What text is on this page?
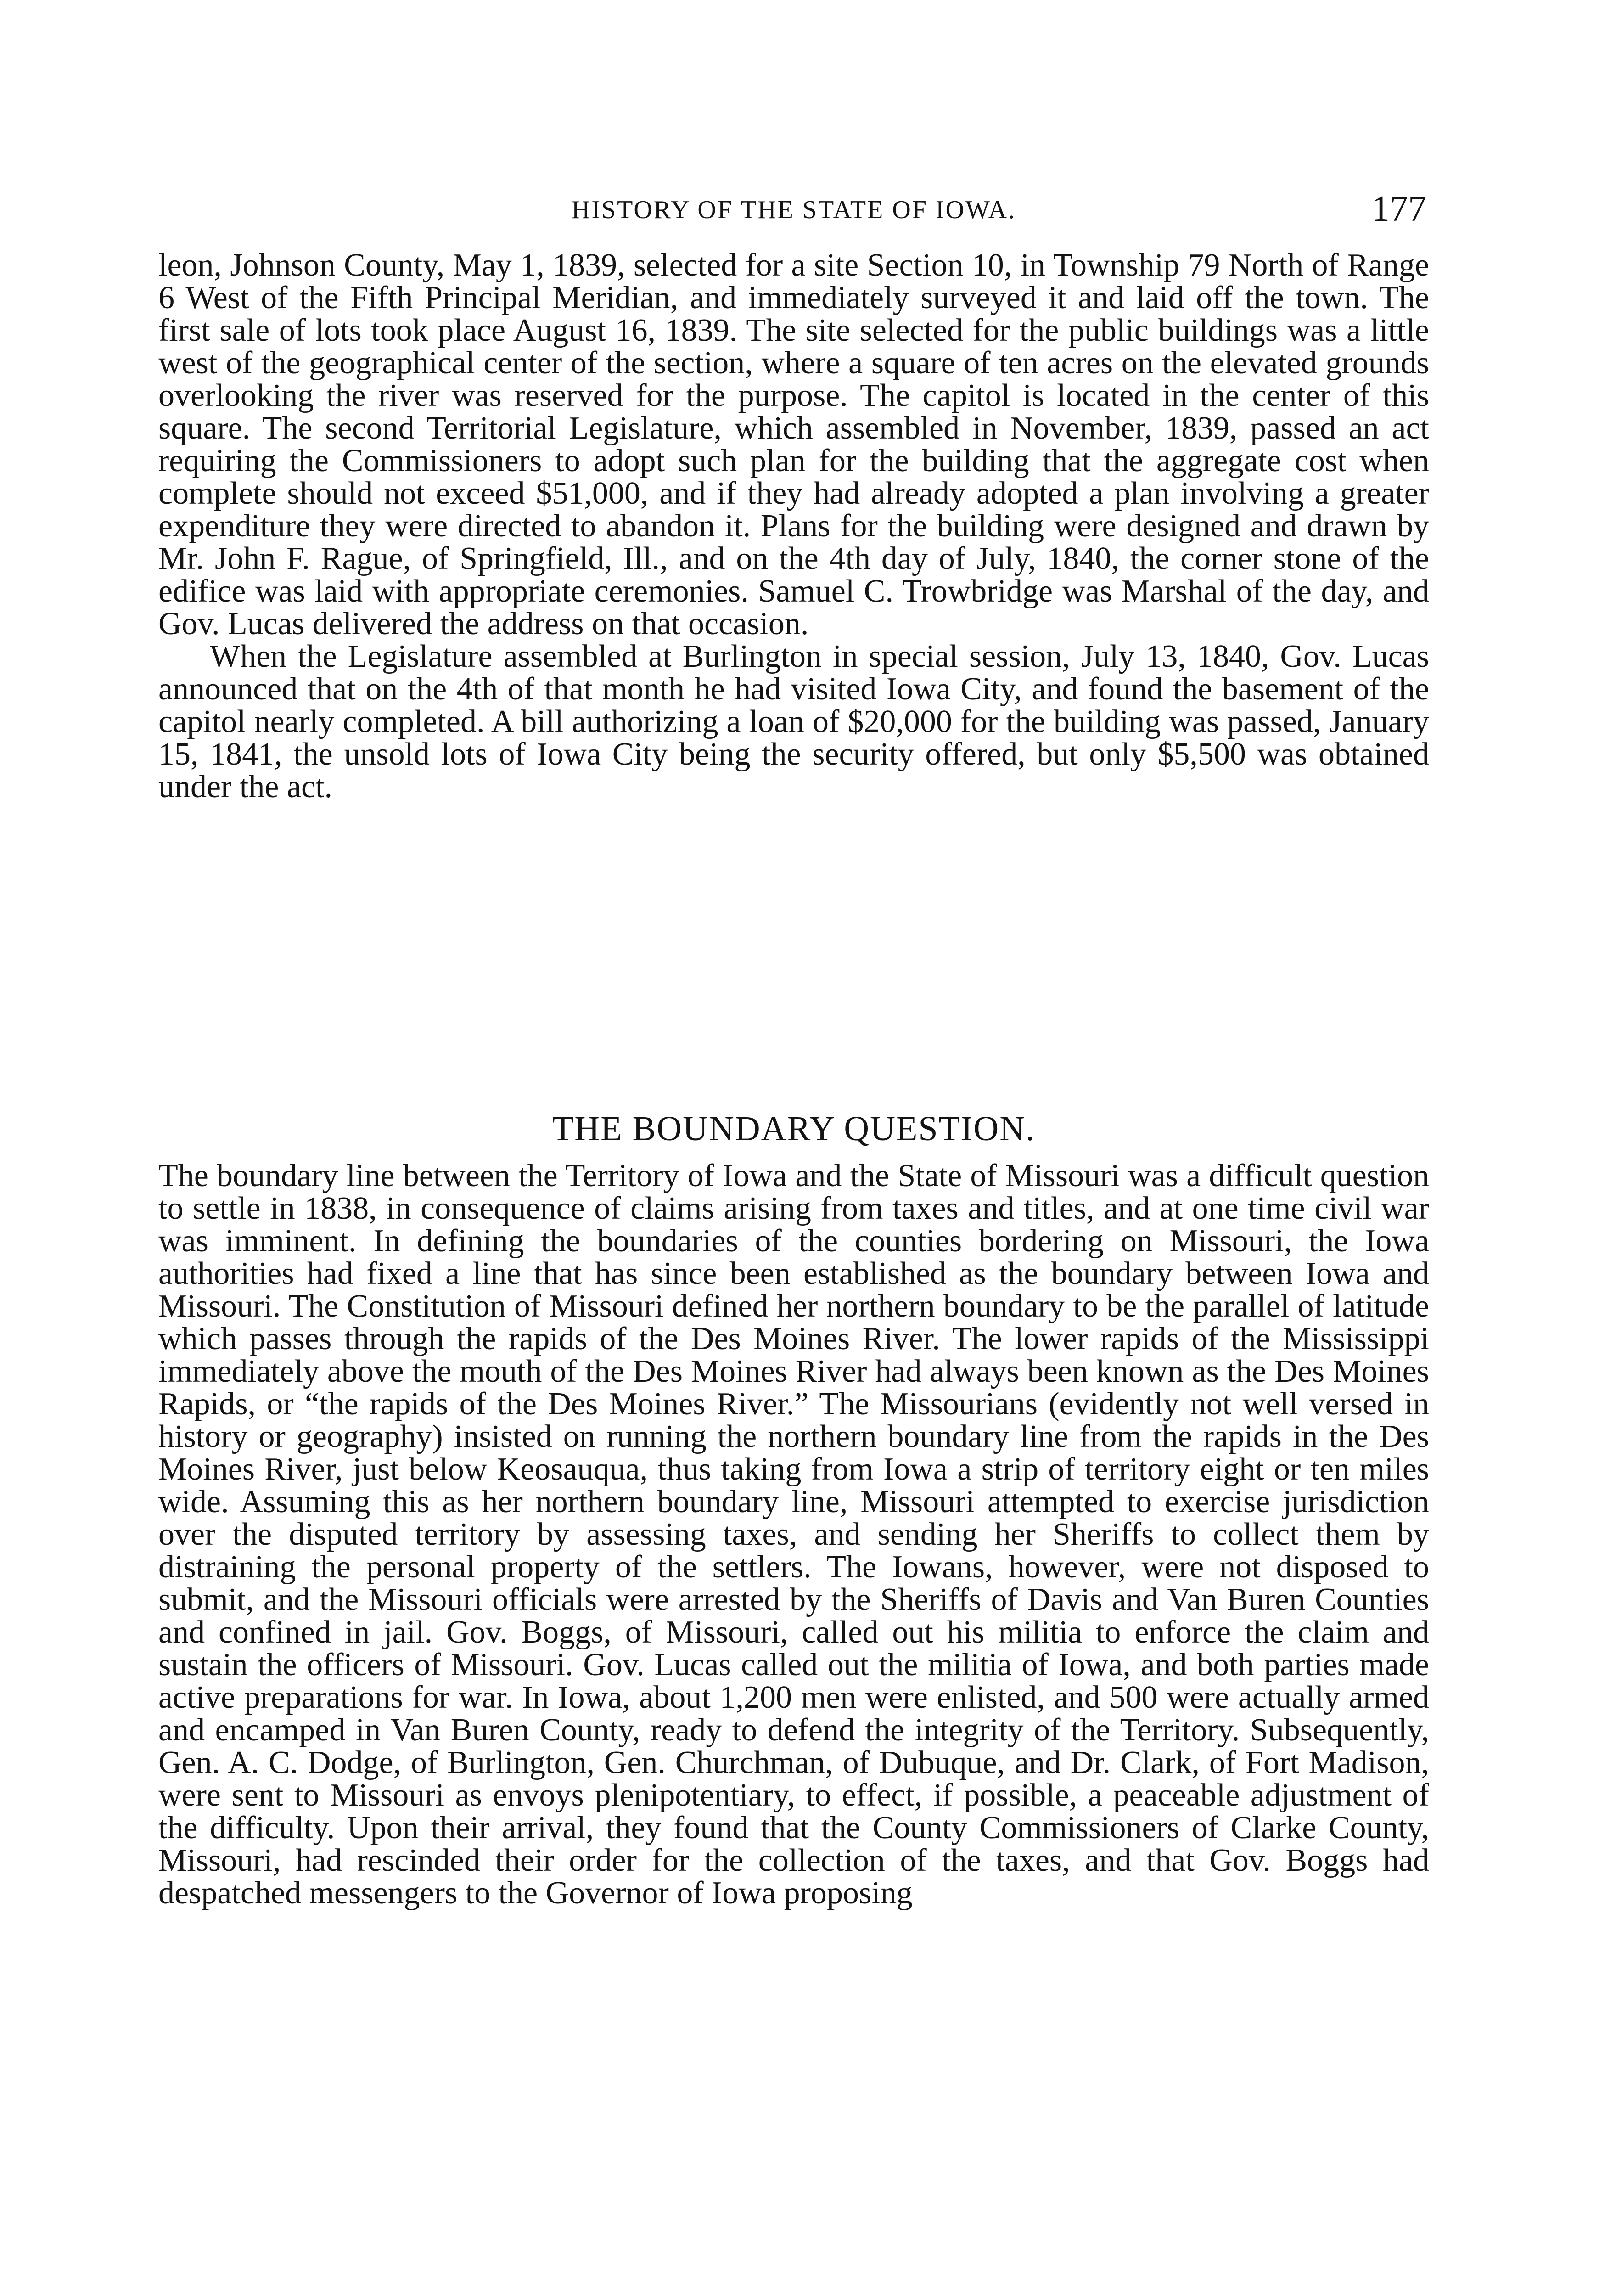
HISTORY OF THE STATE OF IOWA.	177

leon, Johnson County, May 1, 1839, selected for a site Section 10, in Township 79 North of Range 6 West of the Fifth Principal Meridian, and immediately surveyed it and laid off the town. The first sale of lots took place August 16, 1839. The site selected for the public buildings was a little west of the geographical center of the section, where a square of ten acres on the elevated grounds overlooking the river was reserved for the purpose. The capitol is located in the center of this square. The second Territorial Legislature, which assembled in November, 1839, passed an act requiring the Commissioners to adopt such plan for the building that the aggregate cost when complete should not exceed $51,000, and if they had already adopted a plan involving a greater expenditure they were directed to abandon it. Plans for the building were designed and drawn by Mr. John F. Rague, of Springfield, Ill., and on the 4th day of July, 1840, the corner stone of the edifice was laid with appropriate ceremonies. Samuel C. Trowbridge was Marshal of the day, and Gov. Lucas delivered the address on that occasion.

When the Legislature assembled at Burlington in special session, July 13, 1840, Gov. Lucas announced that on the 4th of that month he had visited Iowa City, and found the basement of the capitol nearly completed. A bill authorizing a loan of $20,000 for the building was passed, January 15, 1841, the unsold lots of Iowa City being the security offered, but only $5,500 was obtained under the act.

THE BOUNDARY QUESTION.

The boundary line between the Territory of Iowa and the State of Missouri was a difficult question to settle in 1838, in consequence of claims arising from taxes and titles, and at one time civil war was imminent. In defining the boundaries of the counties bordering on Missouri, the Iowa authorities had fixed a line that has since been established as the boundary between Iowa and Missouri. The Constitution of Missouri defined her northern boundary to be the parallel of latitude which passes through the rapids of the Des Moines River. The lower rapids of the Mississippi immediately above the mouth of the Des Moines River had always been known as the Des Moines Rapids, or “the rapids of the Des Moines River.” The Missourians (evidently not well versed in history or geography) insisted on running the northern boundary line from the rapids in the Des Moines River, just below Keosauqua, thus taking from Iowa a strip of territory eight or ten miles wide. Assuming this as her northern boundary line, Missouri attempted to exercise jurisdiction over the disputed territory by assessing taxes, and sending her Sheriffs to collect them by distraining the personal property of the settlers. The Iowans, however, were not disposed to submit, and the Missouri officials were arrested by the Sheriffs of Davis and Van Buren Counties and confined in jail. Gov. Boggs, of Missouri, called out his militia to enforce the claim and sustain the officers of Missouri. Gov. Lucas called out the militia of Iowa, and both parties made active preparations for war. In Iowa, about 1,200 men were enlisted, and 500 were actually armed and encamped in Van Buren County, ready to defend the integrity of the Territory. Subsequently, Gen. A. C. Dodge, of Burlington, Gen. Churchman, of Dubuque, and Dr. Clark, of Fort Madison, were sent to Missouri as envoys plenipotentiary, to effect, if possible, a peaceable adjustment of the difficulty. Upon their arrival, they found that the County Commissioners of Clarke County, Missouri, had rescinded their order for the collection of the taxes, and that Gov. Boggs had despatched messengers to the Governor of Iowa proposing
